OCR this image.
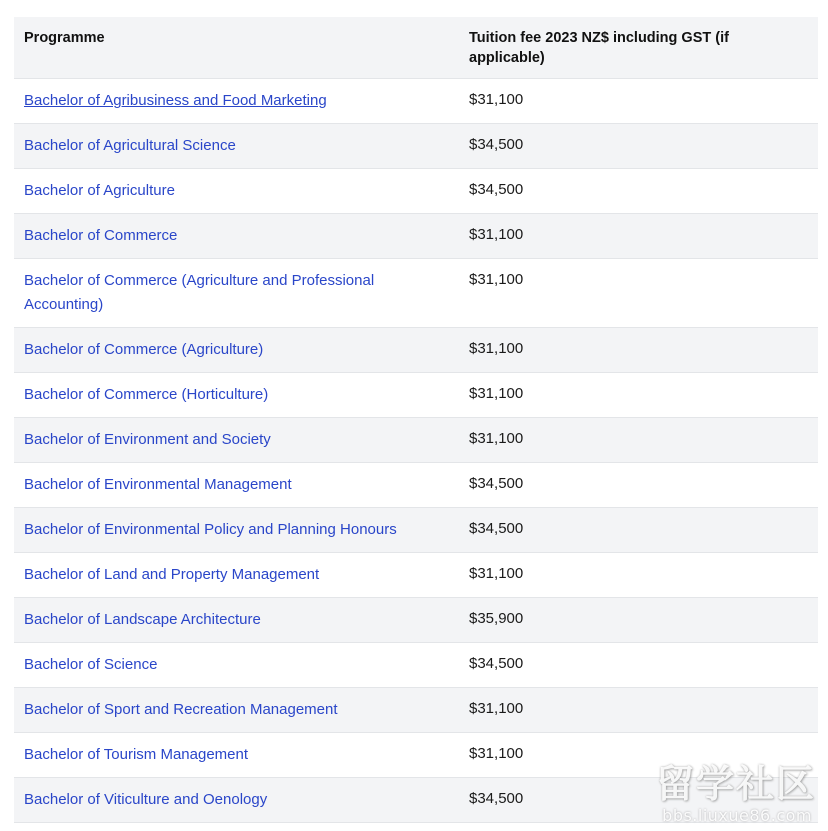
Programme	Tuition fee 2023 NZ$ including GST (if applicable)
Bachelor of Agribusiness and Food Marketing	$31,100
Bachelor of Agricultural Science	$34,500
Bachelor of Agriculture	$34,500
Bachelor of Commerce	$31,100
Bachelor of Commerce (Agriculture and Professional Accounting)	$31,100
Bachelor of Commerce (Agriculture)	$31,100
Bachelor of Commerce (Horticulture)	$31,100
Bachelor of Environment and Society	$31,100
Bachelor of Environmental Management	$34,500
Bachelor of Environmental Policy and Planning Honours	$34,500
Bachelor of Land and Property Management	$31,100
Bachelor of Landscape Architecture	$35,900
Bachelor of Science	$34,500
Bachelor of Sport and Recreation Management	$31,100
Bachelor of Tourism Management	$31,100
Bachelor of Viticulture and Oenology	$34,500	留学社区
bbs.liuxue86.com
